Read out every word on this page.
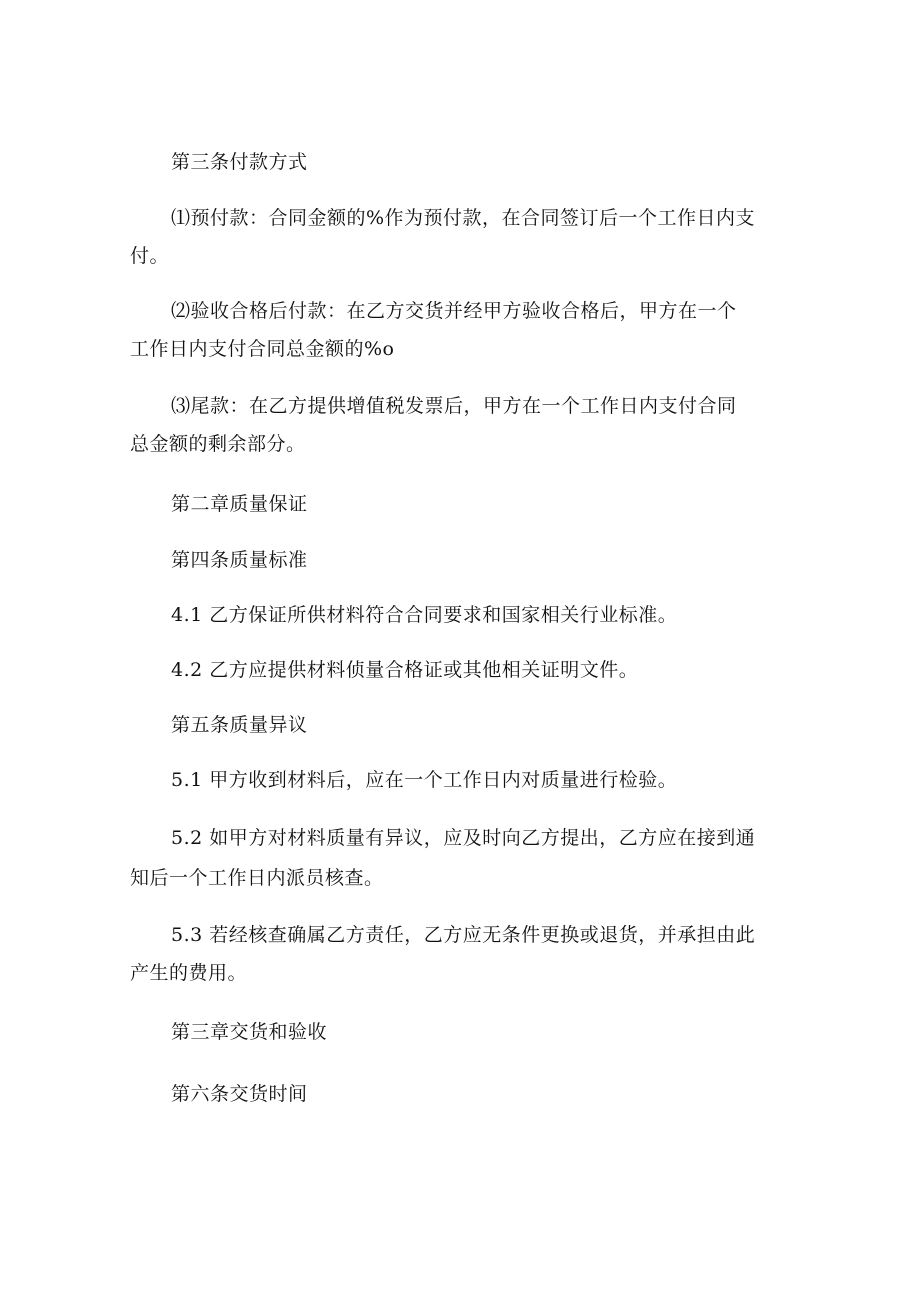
第三条付款方式
⑴预付款：合同金额的%作为预付款，在合同签订后一个工作日内支
付。
⑵验收合格后付款：在乙方交货并经甲方验收合格后，甲方在一个
工作日内支付合同总金额的%o
⑶尾款：在乙方提供增值税发票后，甲方在一个工作日内支付合同
总金额的剩余部分。
第二章质量保证
第四条质量标准
4.1 乙方保证所供材料符合合同要求和国家相关行业标准。
4.2 乙方应提供材料侦量合格证或其他相关证明文件。
第五条质量异议
5.1 甲方收到材料后，应在一个工作日内对质量进行检验。
5.2 如甲方对材料质量有异议，应及时向乙方提出，乙方应在接到通
知后一个工作日内派员核查。
5.3 若经核查确属乙方责任，乙方应无条件更换或退货，并承担由此
产生的费用。
第三章交货和验收
第六条交货时间
